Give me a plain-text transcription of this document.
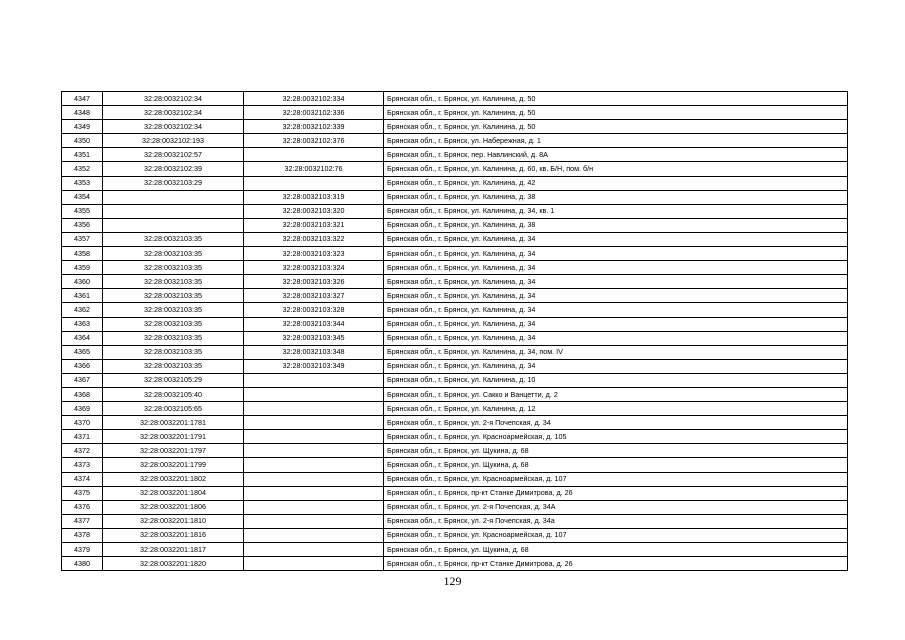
4347	32:28:0032102:34	32:28:0032102:334	Брянская обл., г. Брянск, ул. Калинина, д. 50
4348	32:28:0032102:34	32:28:0032102:336	Брянская обл., г. Брянск, ул. Калинина, д. 50
4349	32:28:0032102:34	32:28:0032102:339	Брянская обл., г. Брянск, ул. Калинина, д. 50
4350	32:28:0032102:193	32:28:0032102:376	Брянская обл., г. Брянск, ул. Набережная, д. 1
4351	32:28:0032102:57		Брянская обл., г. Брянск, пер. Навлинский, д. 8А
4352	32:28:0032102:39	32:28:0032102:76	Брянская обл., г. Брянск, ул. Калинина, д. 60, кв. Б/Н, пом. б/н
4353	32:28:0032103:29		Брянская обл., г. Брянск, ул. Калинина, д. 42
4354		32:28:0032103:319	Брянская обл., г. Брянск, ул. Калинина, д. 38
4355		32:28:0032103:320	Брянская обл., г. Брянск, ул. Калинина, д. 34, кв. 1
4356		32:28:0032103:321	Брянская обл., г. Брянск, ул. Калинина, д. 38
4357	32:28:0032103:35	32:28:0032103:322	Брянская обл., г. Брянск, ул. Калинина, д. 34
4358	32:28:0032103:35	32:28:0032103:323	Брянская обл., г. Брянск, ул. Калинина, д. 34
4359	32:28:0032103:35	32:28:0032103:324	Брянская обл., г. Брянск, ул. Калинина, д. 34
4360	32:28:0032103:35	32:28:0032103:326	Брянская обл., г. Брянск, ул. Калинина, д. 34
4361	32:28:0032103:35	32:28:0032103:327	Брянская обл., г. Брянск, ул. Калинина, д. 34
4362	32:28:0032103:35	32:28:0032103:328	Брянская обл., г. Брянск, ул. Калинина, д. 34
4363	32:28:0032103:35	32:28:0032103:344	Брянская обл., г. Брянск, ул. Калинина, д. 34
4364	32:28:0032103:35	32:28:0032103:345	Брянская обл., г. Брянск, ул. Калинина, д. 34
4365	32:28:0032103:35	32:28:0032103:348	Брянская обл., г. Брянск, ул. Калинина, д. 34, пом. IV
4366	32:28:0032103:35	32:28:0032103:349	Брянская обл., г. Брянск, ул. Калинина, д. 34
4367	32:28:0032105:29		Брянская обл., г. Брянск, ул. Калинина, д. 10
4368	32:28:0032105:40		Брянская обл., г. Брянск, ул. Сакко и Ванцетти, д. 2
4369	32:28:0032105:65		Брянская обл., г. Брянск, ул. Калинина, д. 12
4370	32:28:0032201:1781		Брянская обл., г. Брянск, ул. 2-я Почепская, д. 34
4371	32:28:0032201:1791		Брянская обл., г. Брянск, ул. Красноармейская, д. 105
4372	32:28:0032201:1797		Брянская обл., г. Брянск, ул. Щукина, д. 68
4373	32:28:0032201:1799		Брянская обл., г. Брянск, ул. Щукина, д. 68
4374	32:28:0032201:1802		Брянская обл., г. Брянск, ул. Красноармейская, д. 107
4375	32:28:0032201:1804		Брянская обл., г. Брянск, пр-кт Станке Димитрова, д. 26
4376	32:28:0032201:1806		Брянская обл., г. Брянск, ул. 2-я Почепская, д. 34А
4377	32:28:0032201:1810		Брянская обл., г. Брянск, ул. 2-я Почепская, д. 34а
4378	32:28:0032201:1816		Брянская обл., г. Брянск, ул. Красноармейская, д. 107
4379	32:28:0032201:1817		Брянская обл., г. Брянск, ул. Щукина, д. 68
4380	32:28:0032201:1820		Брянская обл., г. Брянск, пр-кт Станке Димитрова, д. 26
129
